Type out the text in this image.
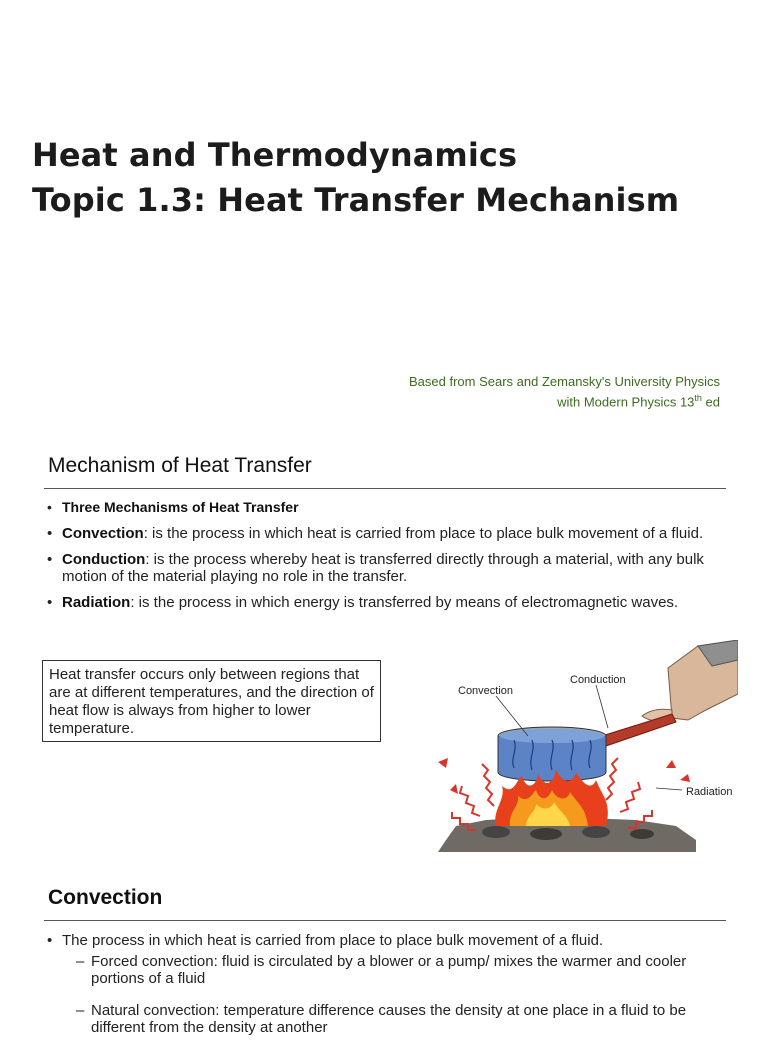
Heat and Thermodynamics
Topic 1.3: Heat Transfer Mechanism
Based from Sears and Zemansky's University Physics
with Modern Physics 13th ed
Mechanism of Heat Transfer
• Three Mechanisms of Heat Transfer
• Convection: is the process in which heat is carried from place to place bulk movement of a fluid.
• Conduction: is the process whereby heat is transferred directly through a material, with any bulk motion of the material playing no role in the transfer.
• Radiation: is the process in which energy is transferred by means of electromagnetic waves.
Heat transfer occurs only between regions that are at different temperatures, and the direction of heat flow is always from higher to lower temperature.
Convection
Conduction
Radiation
Convection
• The process in which heat is carried from place to place bulk movement of a fluid.
– Forced convection: fluid is circulated by a blower or a pump/ mixes the warmer and cooler portions of a fluid
– Natural convection: temperature difference causes the density at one place in a fluid to be different from the density at another
